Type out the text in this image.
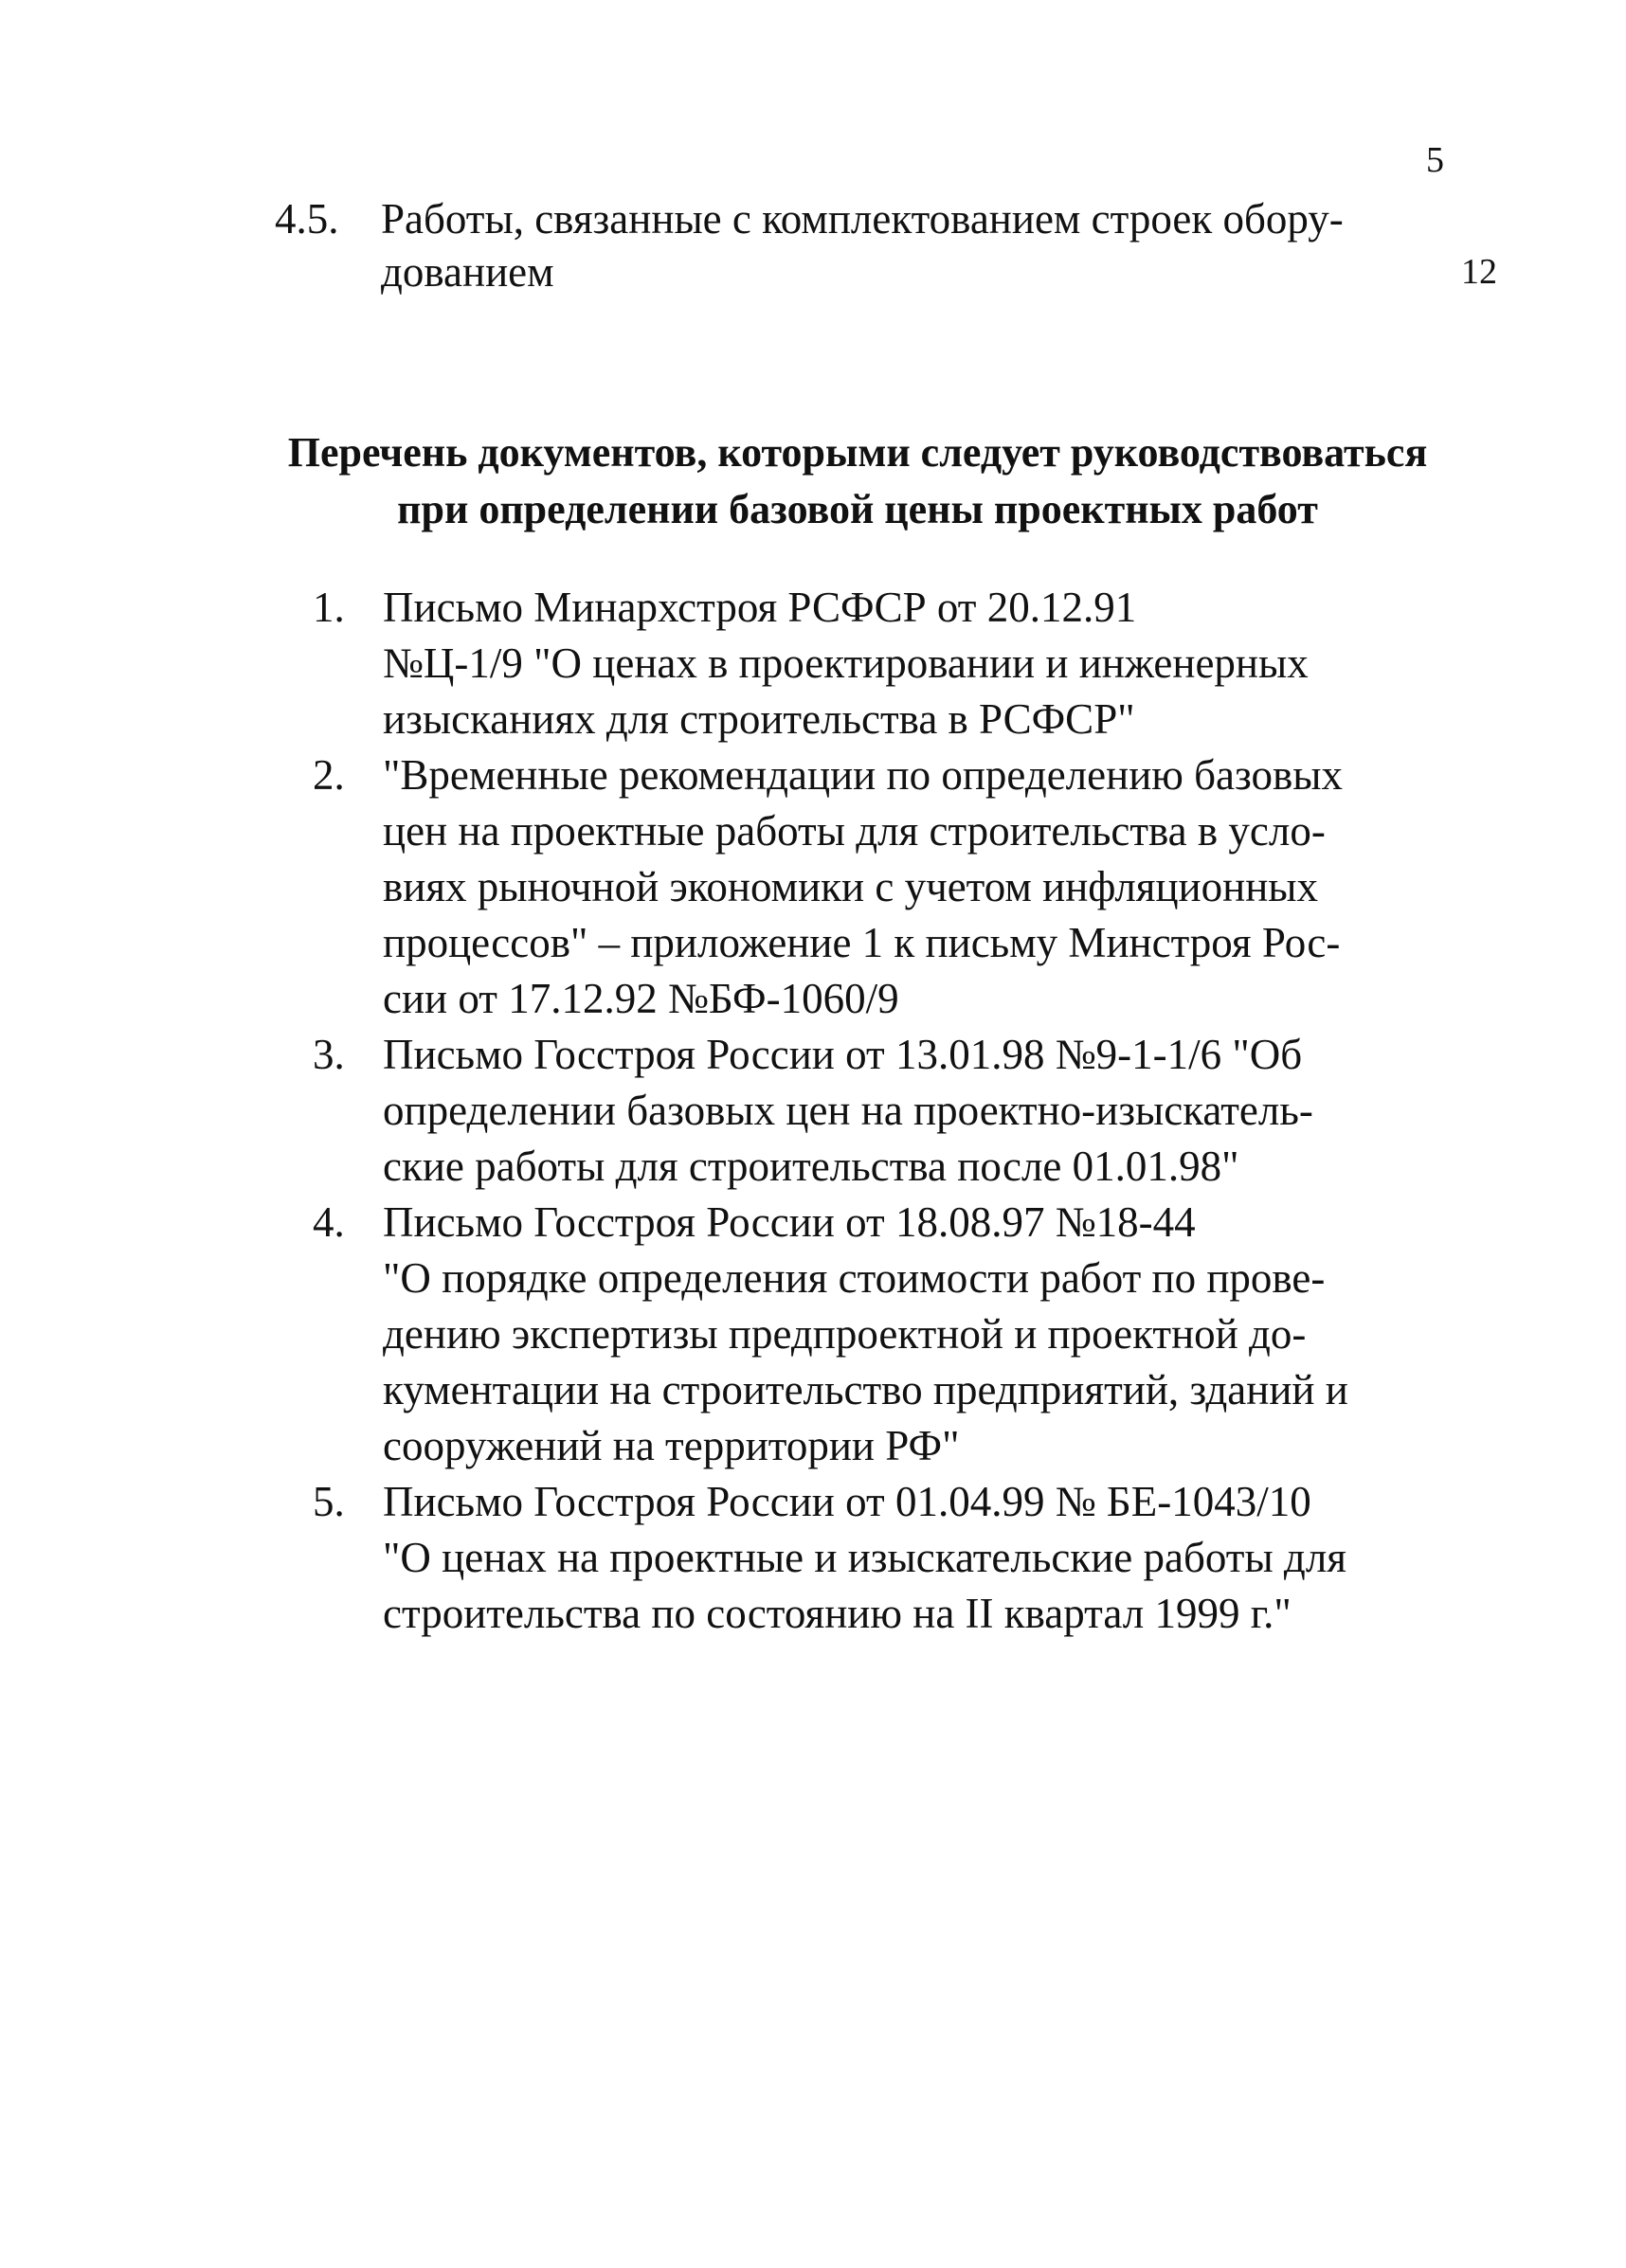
5
4.5. Работы, связанные с комплектованием строек обору-
дованием	12
Перечень документов, которыми следует руководствоваться
при определении базовой цены проектных работ
1. Письмо Минархстроя РСФСР от 20.12.91
№Ц-1/9 "О ценах в проектировании и инженерных
изысканиях для строительства в РСФСР"
2. "Временные рекомендации по определению базовых
цен на проектные работы для строительства в усло-
виях рыночной экономики с учетом инфляционных
процессов" – приложение 1 к письму Минстроя Рос-
сии от 17.12.92 №БФ-1060/9
3. Письмо Госстроя России от 13.01.98 №9-1-1/6 "Об
определении базовых цен на проектно-изыскатель-
ские работы для строительства после 01.01.98"
4. Письмо Госстроя России от 18.08.97 №18-44
"О порядке определения стоимости работ по прове-
дению экспертизы предпроектной и проектной до-
кументации на строительство предприятий, зданий и
сооружений на территории РФ"
5. Письмо Госстроя России от 01.04.99 № БЕ-1043/10
"О ценах на проектные и изыскательские работы для
строительства по состоянию на II квартал 1999 г."
